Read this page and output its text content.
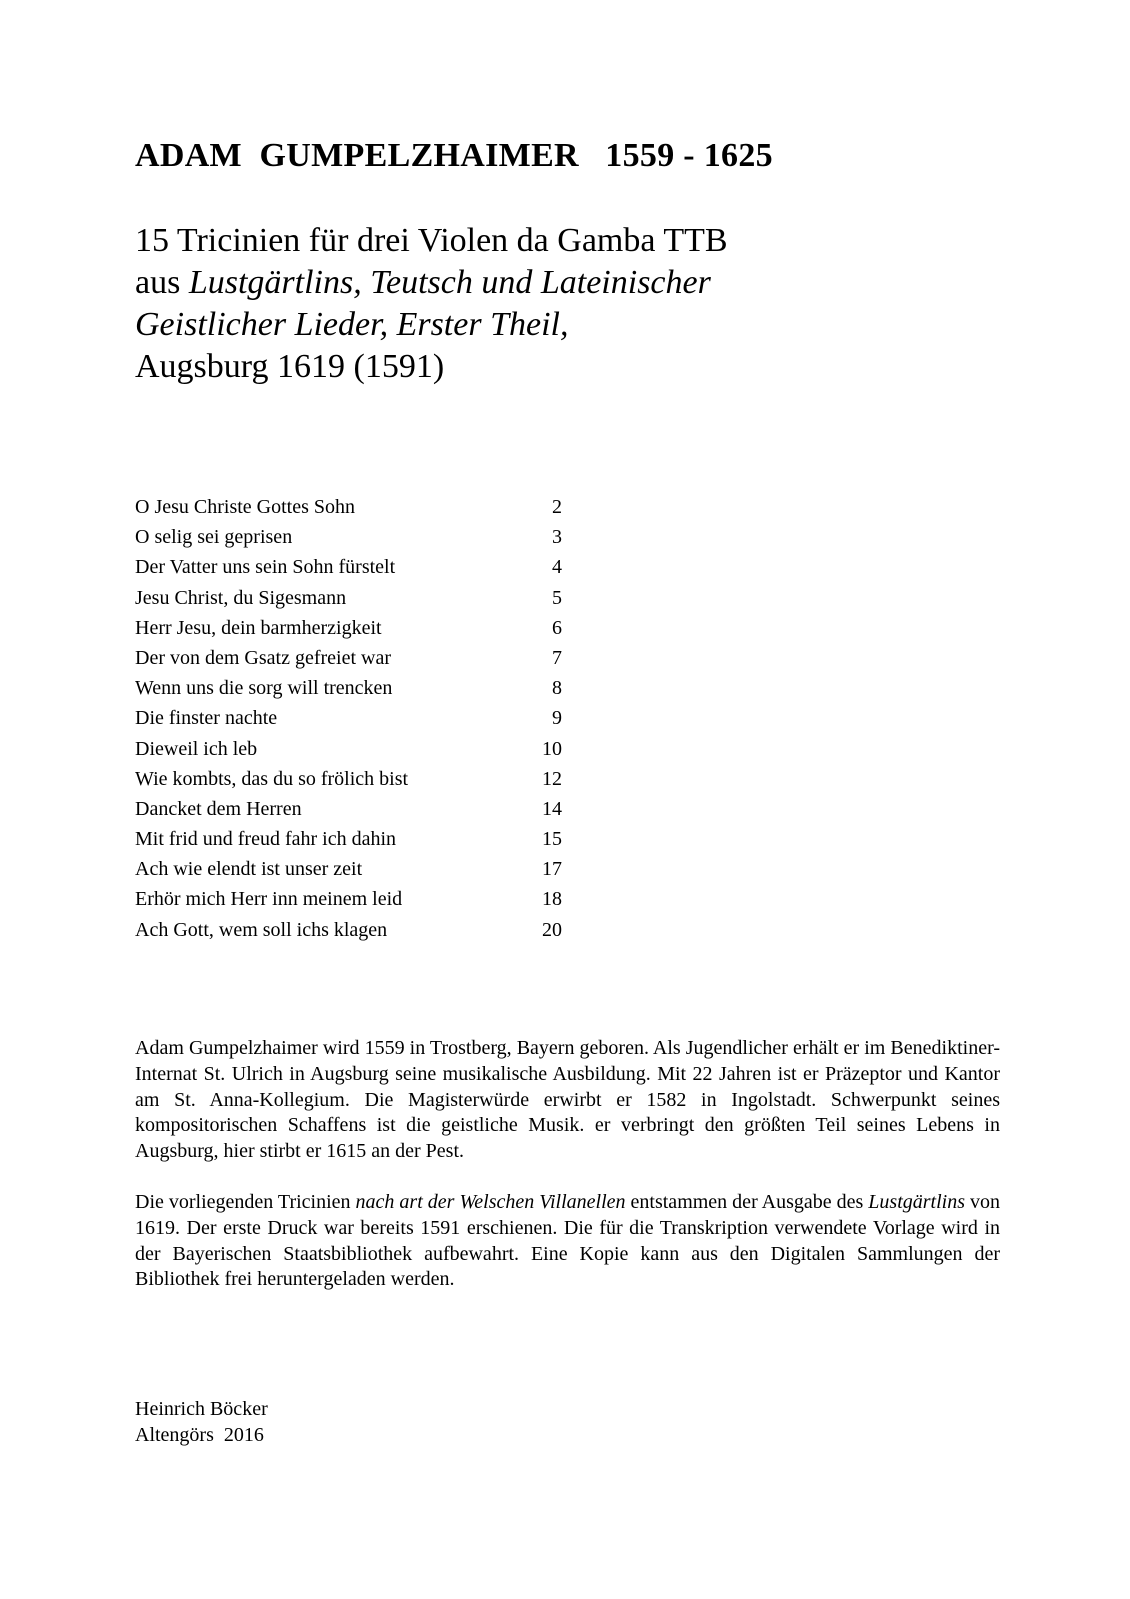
ADAM  GUMPELZHAIMER   1559 - 1625
15 Tricinien für drei Violen da Gamba TTB
aus Lustgärtlins, Teutsch und Lateinischer
Geistlicher Lieder, Erster Theil,
Augsburg 1619 (1591)
O Jesu Christe Gottes Sohn	2
O selig sei geprisen	3
Der Vatter uns sein Sohn fürstelt	4
Jesu Christ, du Sigesmann	5
Herr Jesu, dein barmherzigkeit	6
Der von dem Gsatz gefreiet war	7
Wenn uns die sorg will trencken	8
Die finster nachte	9
Dieweil ich leb	10
Wie kombts, das du so frölich bist	12
Dancket dem Herren	14
Mit frid und freud fahr ich dahin	15
Ach wie elendt ist unser zeit	17
Erhör mich Herr inn meinem leid	18
Ach Gott, wem soll ichs klagen	20

Adam Gumpelzhaimer wird 1559 in Trostberg, Bayern geboren. Als Jugendlicher erhält er im Benediktiner-Internat St. Ulrich in Augsburg seine musikalische Ausbildung. Mit 22 Jahren ist er Präzeptor und Kantor am St. Anna-Kollegium. Die Magisterwürde erwirbt er 1582 in Ingolstadt. Schwerpunkt seines kompositorischen Schaffens ist die geistliche Musik. er verbringt den größten Teil seines Lebens in Augsburg, hier stirbt er 1615 an der Pest.

Die vorliegenden Tricinien nach art der Welschen Villanellen entstammen der Ausgabe des Lustgärtlins von 1619. Der erste Druck war bereits 1591 erschienen. Die für die Transkription verwendete Vorlage wird in der Bayerischen Staatsbibliothek aufbewahrt. Eine Kopie kann aus den Digitalen Sammlungen der Bibliothek frei heruntergeladen werden.

Heinrich Böcker
Altengörs  2016
